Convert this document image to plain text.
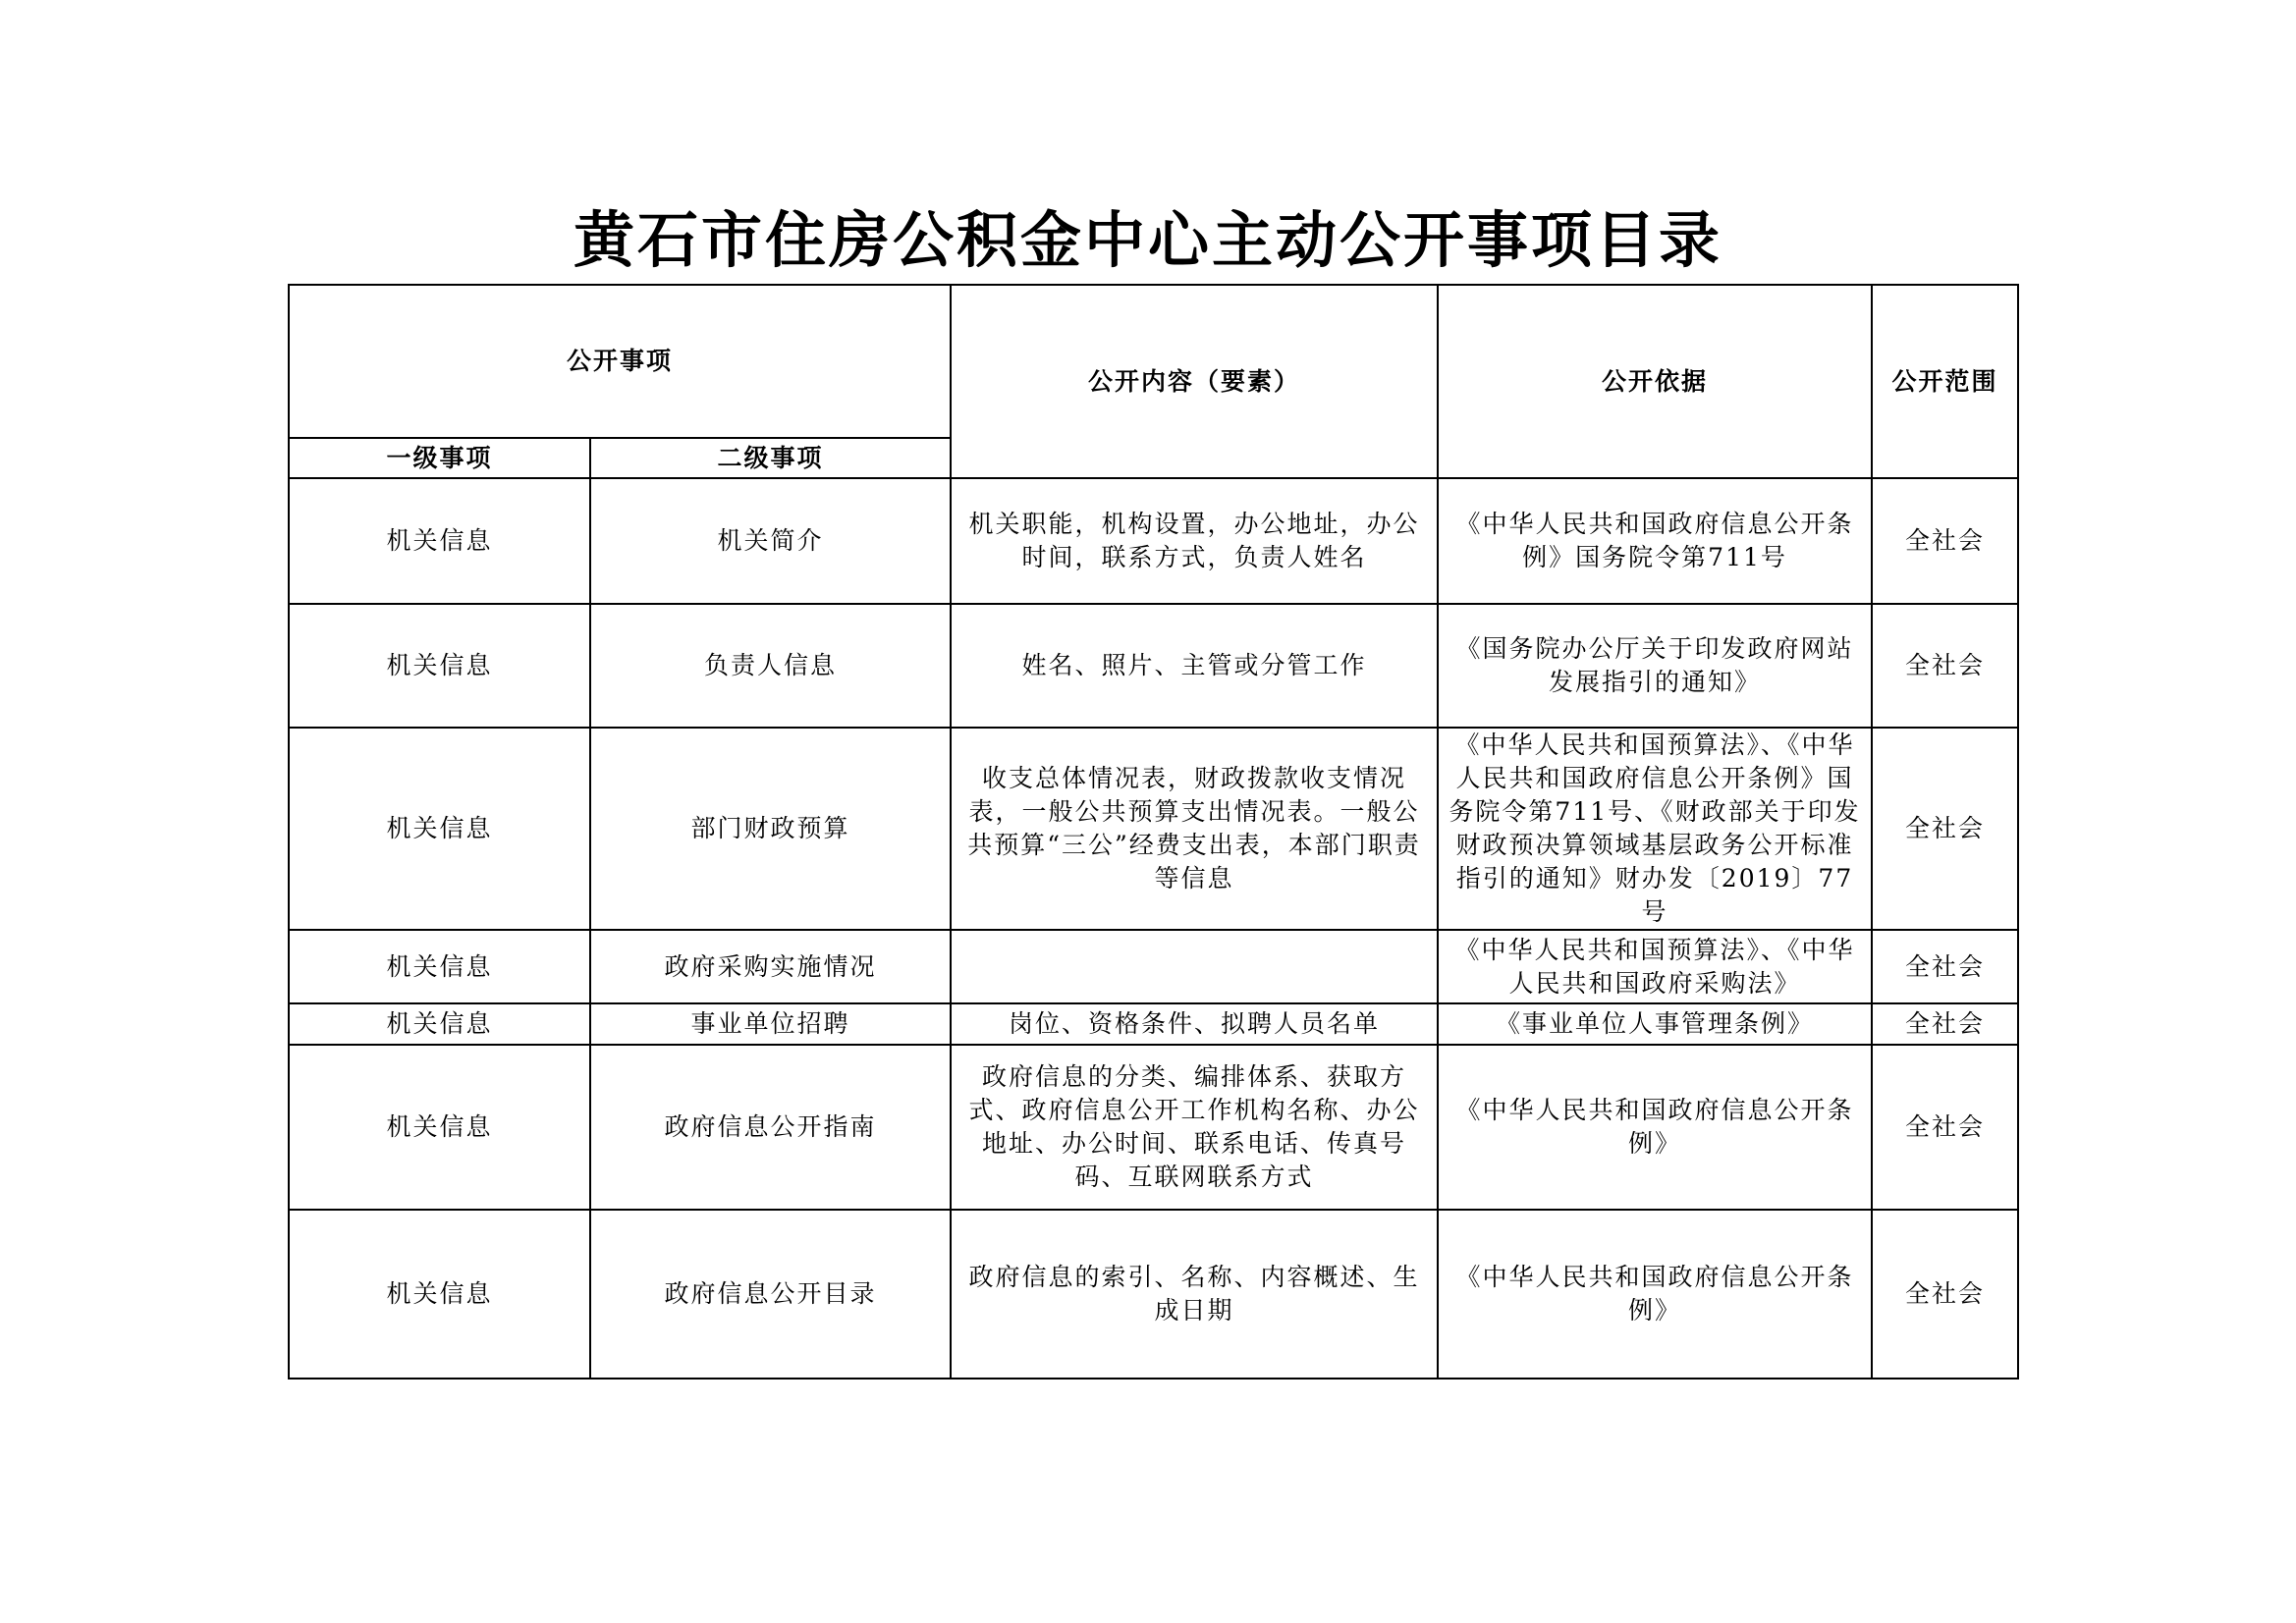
黄石市住房公积金中心主动公开事项目录
公开事项		公开内容（要素）	公开依据	公开范围
一级事项	二级事项			
机关信息	机关简介	机关职能，机构设置，办公地址，办公时间，联系方式，负责人姓名	《中华人民共和国政府信息公开条例》国务院令第711号	全社会
机关信息	负责人信息	姓名、照片、主管或分管工作	《国务院办公厅关于印发政府网站发展指引的通知》	全社会
机关信息	部门财政预算	收支总体情况表，财政拨款收支情况表，一般公共预算支出情况表。一般公共预算“三公”经费支出表，本部门职责等信息	《中华人民共和国预算法》、《中华人民共和国政府信息公开条例》国务院令第711号、《财政部关于印发财政预决算领域基层政务公开标准指引的通知》财办发〔2019〕77号	全社会
机关信息	政府采购实施情况		《中华人民共和国预算法》、《中华人民共和国政府采购法》	全社会
机关信息	事业单位招聘	岗位、资格条件、拟聘人员名单	《事业单位人事管理条例》	全社会
机关信息	政府信息公开指南	政府信息的分类、编排体系、获取方式、政府信息公开工作机构名称、办公地址、办公时间、联系电话、传真号码、互联网联系方式	《中华人民共和国政府信息公开条例》	全社会
机关信息	政府信息公开目录	政府信息的索引、名称、内容概述、生成日期	《中华人民共和国政府信息公开条例》	全社会
